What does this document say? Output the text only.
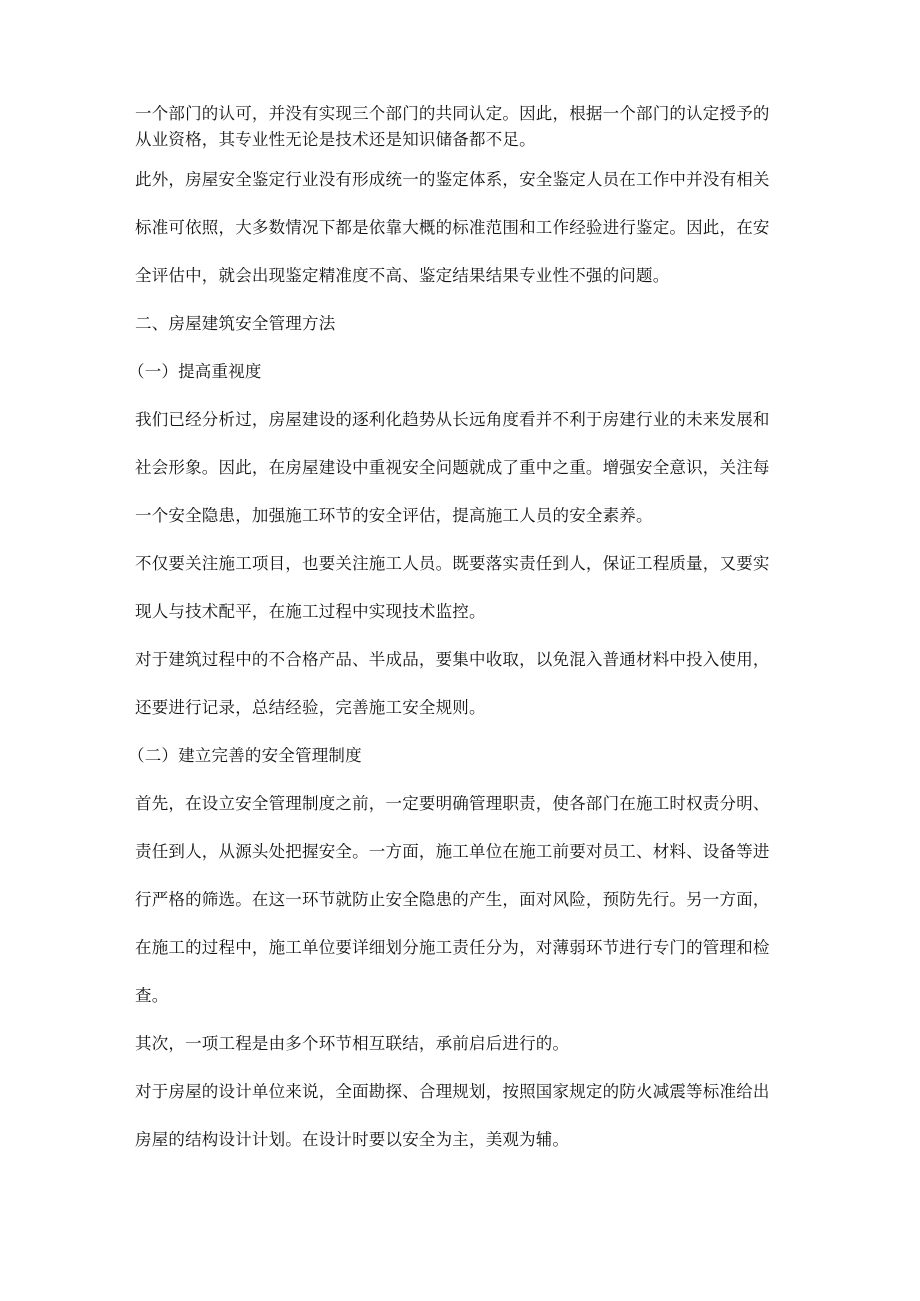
一个部门的认可，并没有实现三个部门的共同认定。因此，根据一个部门的认定授予的
从业资格，其专业性无论是技术还是知识储备都不足。
此外，房屋安全鉴定行业没有形成统一的鉴定体系，安全鉴定人员在工作中并没有相关
标准可依照，大多数情况下都是依靠大概的标准范围和工作经验进行鉴定。因此，在安
全评估中，就会出现鉴定精准度不高、鉴定结果结果专业性不强的问题。
二、房屋建筑安全管理方法
（一）提高重视度
我们已经分析过，房屋建设的逐利化趋势从长远角度看并不利于房建行业的未来发展和
社会形象。因此，在房屋建设中重视安全问题就成了重中之重。增强安全意识，关注每
一个安全隐患，加强施工环节的安全评估，提高施工人员的安全素养。
不仅要关注施工项目，也要关注施工人员。既要落实责任到人，保证工程质量，又要实
现人与技术配平，在施工过程中实现技术监控。
对于建筑过程中的不合格产品、半成品，要集中收取，以免混入普通材料中投入使用，
还要进行记录，总结经验，完善施工安全规则。
（二）建立完善的安全管理制度
首先，在设立安全管理制度之前，一定要明确管理职责，使各部门在施工时权责分明、
责任到人，从源头处把握安全。一方面，施工单位在施工前要对员工、材料、设备等进
行严格的筛选。在这一环节就防止安全隐患的产生，面对风险，预防先行。另一方面，
在施工的过程中，施工单位要详细划分施工责任分为，对薄弱环节进行专门的管理和检
查。
其次，一项工程是由多个环节相互联结，承前启后进行的。
对于房屋的设计单位来说，全面勘探、合理规划，按照国家规定的防火减震等标准给出
房屋的结构设计计划。在设计时要以安全为主，美观为辅。
